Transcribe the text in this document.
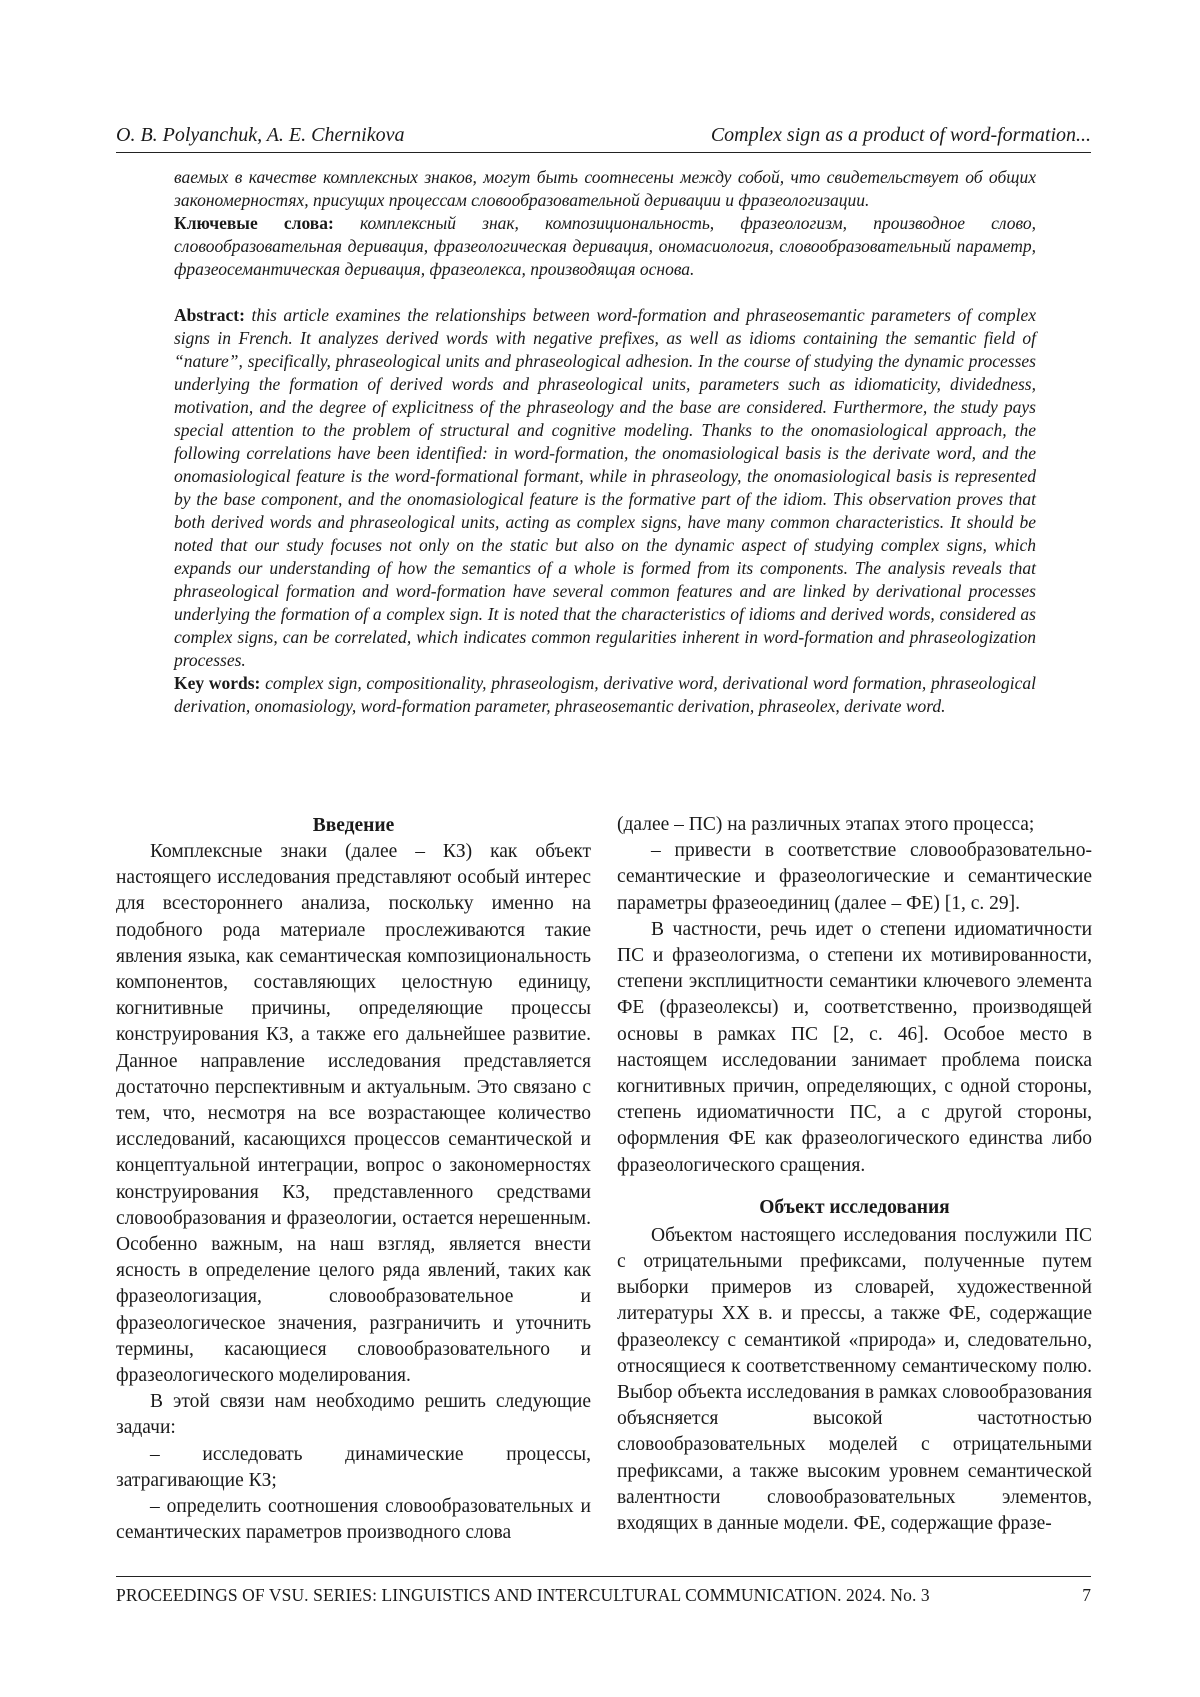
O. B. Polyanchuk, A. E. Chernikova	Complex sign as a product of word-formation...

ваемых в качестве комплексных знаков, могут быть соотнесены между собой, что свидетельствует об общих закономерностях, присущих процессам словообразовательной деривации и фразеологизации.

Ключевые слова: комплексный знак, композициональность, фразеологизм, производное слово, словообразовательная деривация, фразеологическая деривация, ономасиология, словообразовательный параметр, фразеосемантическая деривация, фразеолекса, производящая основа.

Abstract: this article examines the relationships between word-formation and phraseosemantic parameters of complex signs in French. It analyzes derived words with negative prefixes, as well as idioms containing the semantic field of “nature”, specifically, phraseological units and phraseological adhesion. In the course of studying the dynamic processes underlying the formation of derived words and phraseological units, parameters such as idiomaticity, dividedness, motivation, and the degree of explicitness of the phraseology and the base are considered. Furthermore, the study pays special attention to the problem of structural and cognitive modeling. Thanks to the onomasiological approach, the following correlations have been identified: in word-formation, the onomasiological basis is the derivate word, and the onomasiological feature is the word-formational formant, while in phraseology, the onomasiological basis is represented by the base component, and the onomasiological feature is the formative part of the idiom. This observation proves that both derived words and phraseological units, acting as complex signs, have many common characteristics. It should be noted that our study focuses not only on the static but also on the dynamic aspect of studying complex signs, which expands our understanding of how the semantics of a whole is formed from its components. The analysis reveals that phraseological formation and word-formation have several common features and are linked by derivational processes underlying the formation of a complex sign. It is noted that the characteristics of idioms and derived words, considered as complex signs, can be correlated, which indicates common regularities inherent in word-formation and phraseologization processes.

Key words: complex sign, compositionality, phraseologism, derivative word, derivational word formation, phraseological derivation, onomasiology, word-formation parameter, phraseosemantic derivation, phraseolex, derivate word.

Введение

Комплексные знаки (далее – КЗ) как объект настоящего исследования представляют особый интерес для всестороннего анализа, поскольку именно на подобного рода материале прослеживаются такие явления языка, как семантическая композициональность компонентов, составляющих целостную единицу, когнитивные причины, определяющие процессы конструирования КЗ, а также его дальнейшее развитие. Данное направление исследования представляется достаточно перспективным и актуальным. Это связано с тем, что, несмотря на все возрастающее количество исследований, касающихся процессов семантической и концептуальной интеграции, вопрос о закономерностях конструирования КЗ, представленного средствами словообразования и фразеологии, остается нерешенным. Особенно важным, на наш взгляд, является внести ясность в определение целого ряда явлений, таких как фразеологизация, словообразовательное и фразеологическое значения, разграничить и уточнить термины, касающиеся словообразовательного и фразеологического моделирования.

В этой связи нам необходимо решить следующие задачи:

– исследовать динамические процессы, затрагивающие КЗ;

– определить соотношения словообразовательных и семантических параметров производного слова

(далее – ПС) на различных этапах этого процесса;

– привести в соответствие словообразовательно-семантические и фразеологические и семантические параметры фразеоединиц (далее – ФЕ) [1, с. 29].

В частности, речь идет о степени идиоматичности ПС и фразеологизма, о степени их мотивированности, степени эксплицитности семантики ключевого элемента ФЕ (фразеолексы) и, соответственно, производящей основы в рамках ПС [2, с. 46]. Особое место в настоящем исследовании занимает проблема поиска когнитивных причин, определяющих, с одной стороны, степень идиоматичности ПС, а с другой стороны, оформления ФЕ как фразеологического единства либо фразеологического сращения.

Объект исследования

Объектом настоящего исследования послужили ПС с отрицательными префиксами, полученные путем выборки примеров из словарей, художественной литературы XX в. и прессы, а также ФЕ, содержащие фразеолексу с семантикой «природа» и, следовательно, относящиеся к соответственному семантическому полю. Выбор объекта исследования в рамках словообразования объясняется высокой частотностью словообразовательных моделей с отрицательными префиксами, а также высоким уровнем семантической валентности словообразовательных элементов, входящих в данные модели. ФЕ, содержащие фразе-

PROCEEDINGS OF VSU. SERIES: LINGUISTICS AND INTERCULTURAL COMMUNICATION. 2024. No. 3	7
